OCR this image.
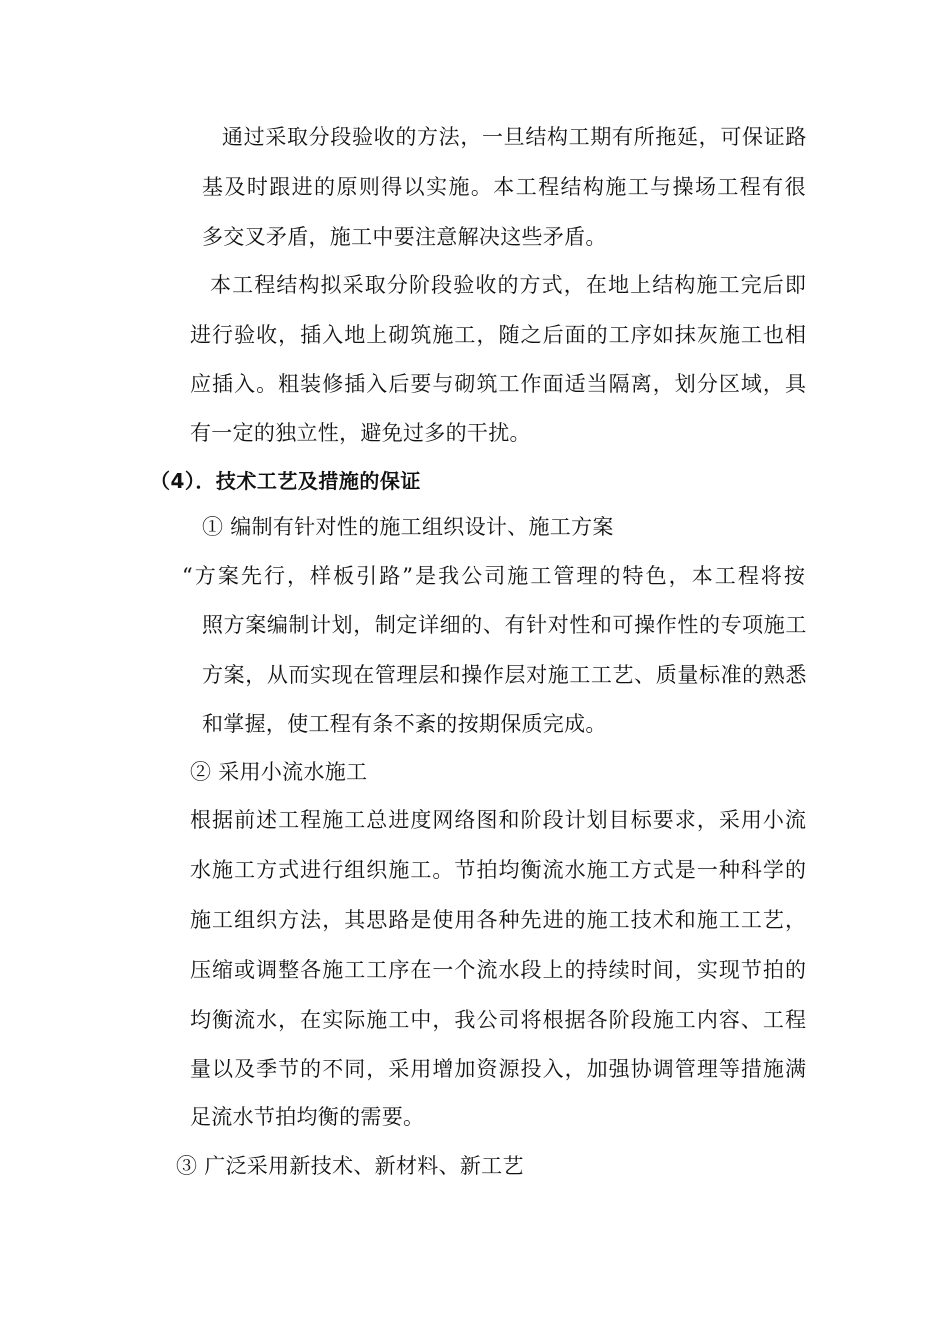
通过采取分段验收的方法，一旦结构工期有所拖延，可保证路
基及时跟进的原则得以实施。本工程结构施工与操场工程有很
多交叉矛盾，施工中要注意解决这些矛盾。
本工程结构拟采取分阶段验收的方式，在地上结构施工完后即
进行验收，插入地上砌筑施工，随之后面的工序如抹灰施工也相
应插入。粗装修插入后要与砌筑工作面适当隔离，划分区域，具
有一定的独立性，避免过多的干扰。
（4）．技术工艺及措施的保证
① 编制有针对性的施工组织设计、施工方案
“方案先行，样板引路”是我公司施工管理的特色，本工程将按
照方案编制计划，制定详细的、有针对性和可操作性的专项施工
方案，从而实现在管理层和操作层对施工工艺、质量标准的熟悉
和掌握，使工程有条不紊的按期保质完成。
② 采用小流水施工
根据前述工程施工总进度网络图和阶段计划目标要求，采用小流
水施工方式进行组织施工。节拍均衡流水施工方式是一种科学的
施工组织方法，其思路是使用各种先进的施工技术和施工工艺，
压缩或调整各施工工序在一个流水段上的持续时间，实现节拍的
均衡流水，在实际施工中，我公司将根据各阶段施工内容、工程
量以及季节的不同，采用增加资源投入，加强协调管理等措施满
足流水节拍均衡的需要。
③ 广泛采用新技术、新材料、新工艺
